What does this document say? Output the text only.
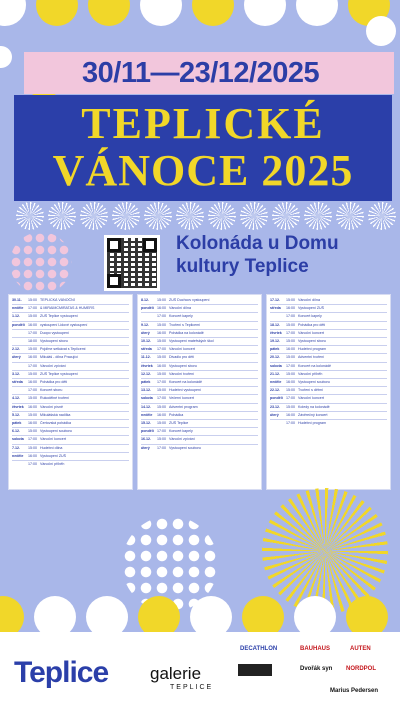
30/11—23/12/2025
TEPLICKÉ
VÁNOCE 2025
Kolonáda u Domu
kultury Teplice
30.11.	15:00 TEPLICKÁ VÁNOČNÍ
neděle	17:00 & MIRAIMCMIRATAS & HUMERS
1.12.	15:00 ZUŠ Teplice vystoupení
pondělí 16:00 vystoupení Lidové vystoupení
17:00 Duopo vystoupení
18:00 Vystoupení sboru
2.12.	15:00 Pojďme setkávat s Teplicemi
úterý	16:00 Mikuláš - dílna Pracující
17:00 Vánoční zpívání
3.12.	15:00 ZUŠ Teplice vystoupení
středa	16:00 Pohádka pro děti
17:00 Koncert sboru
4.12.	15:00 Rukodělné tvoření
čtvrtek	16:00 Vánoční písně
5.12.	15:00 Mikulášská nadílka
pátek	16:00 Čertovská pohádka
6.12.	15:00 Vystoupení souboru
sobota	17:00 Vánoční koncert
7.12.	15:00 Hudební dílna
neděle	16:00 Vystoupení ZUŠ
17:00 Vánoční příběh
8.12.	15:00 ZUŠ Duchcov vystoupení
pondělí 16:00 Vánoční dílna
17:00 Koncert kapely
9.12.	15:00 Tvoření s Teplicemi
úterý	16:00 Pohádka na kolonádě
10.12.	15:00 Vystoupení mateřských škol
středa	17:00 Vánoční koncert
11.12.	15:00 Divadlo pro děti
čtvrtek	16:00 Vystoupení sboru
12.12.	15:00 Vánoční tvoření
pátek	17:00 Koncert na kolonádě
13.12.	15:00 Hudební vystoupení
sobota	17:00 Večerní koncert
14.12.	15:00 Adventní program
neděle	16:00 Pohádka
15.12.	15:00 ZUŠ Teplice
pondělí 17:00 Koncert kapely
16.12.	15:00 Vánoční zpívání
úterý	17:00 Vystoupení souboru
17.12.	15:00 Vánoční dílna
středa	16:00 Vystoupení ZUŠ
17:00 Koncert kapely
18.12.	15:00 Pohádka pro děti
čtvrtek	17:00 Vánoční koncert
19.12.	15:00 Vystoupení sboru
pátek	16:00 Hudební program
20.12.	15:00 Adventní tvoření
sobota	17:00 Koncert na kolonádě
21.12.	15:00 Vánoční příběh
neděle	16:00 Vystoupení souboru
22.12.	15:00 Tvoření s dětmi
pondělí 17:00 Vánoční koncert
23.12.	15:00 Koledy na kolonádě
úterý	16:00 Závěrečný koncert
17:00 Hudební program
Teplice galerie
TEPLICE
DECATHLON	BAUHAUS	AUTEN
Dvořák syn NORDPOL
Marius Pedersen
